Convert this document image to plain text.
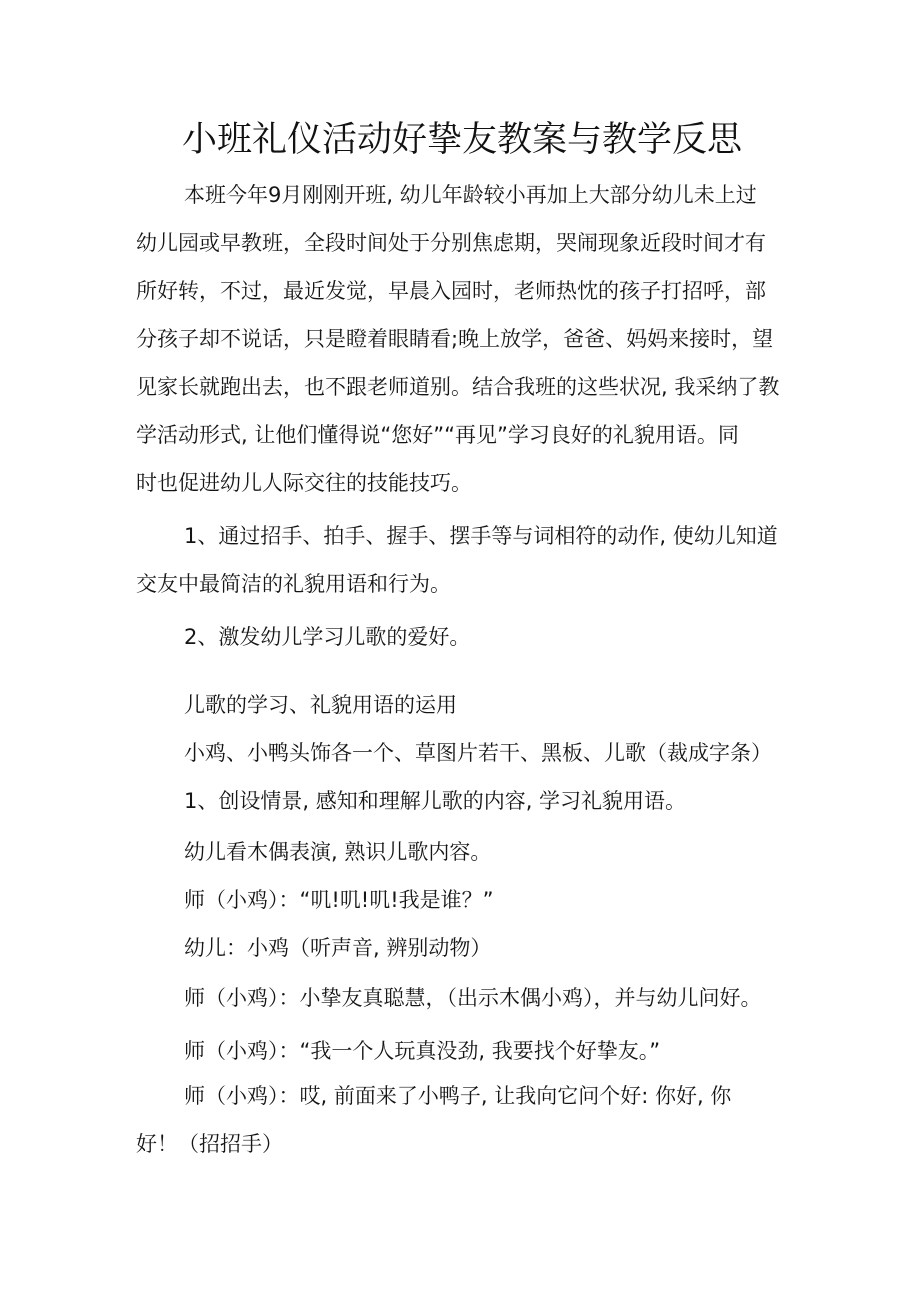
小班礼仪活动好挚友教案与教学反思
本班今年9月刚刚开班, 幼儿年龄较小再加上大部分幼儿未上过
幼儿园或早教班，全段时间处于分别焦虑期，哭闹现象近段时间才有
所好转，不过，最近发觉，早晨入园时，老师热忱的孩子打招呼，部
分孩子却不说话，只是瞪着眼睛看;晚上放学，爸爸、妈妈来接时，望
见家长就跑出去，也不跟老师道别。结合我班的这些状况, 我采纳了教
学活动形式, 让他们懂得说“您好”“再见”学习良好的礼貌用语。同
时也促进幼儿人际交往的技能技巧。
1、通过招手、拍手、握手、摆手等与词相符的动作, 使幼儿知道
交友中最简洁的礼貌用语和行为。
2、激发幼儿学习儿歌的爱好。
儿歌的学习、礼貌用语的运用
小鸡、小鸭头饰各一个、草图片若干、黑板、儿歌（裁成字条）
1、创设情景, 感知和理解儿歌的内容, 学习礼貌用语。
幼儿看木偶表演, 熟识儿歌内容。
师（小鸡）：“叽!叽!叽!我是谁？”
幼儿：小鸡（听声音, 辨别动物）
师（小鸡）：小挚友真聪慧，（出示木偶小鸡），并与幼儿问好。
师（小鸡）：“我一个人玩真没劲, 我要找个好挚友。”
师（小鸡）：哎, 前面来了小鸭子, 让我向它问个好: 你好, 你
好！（招招手）
